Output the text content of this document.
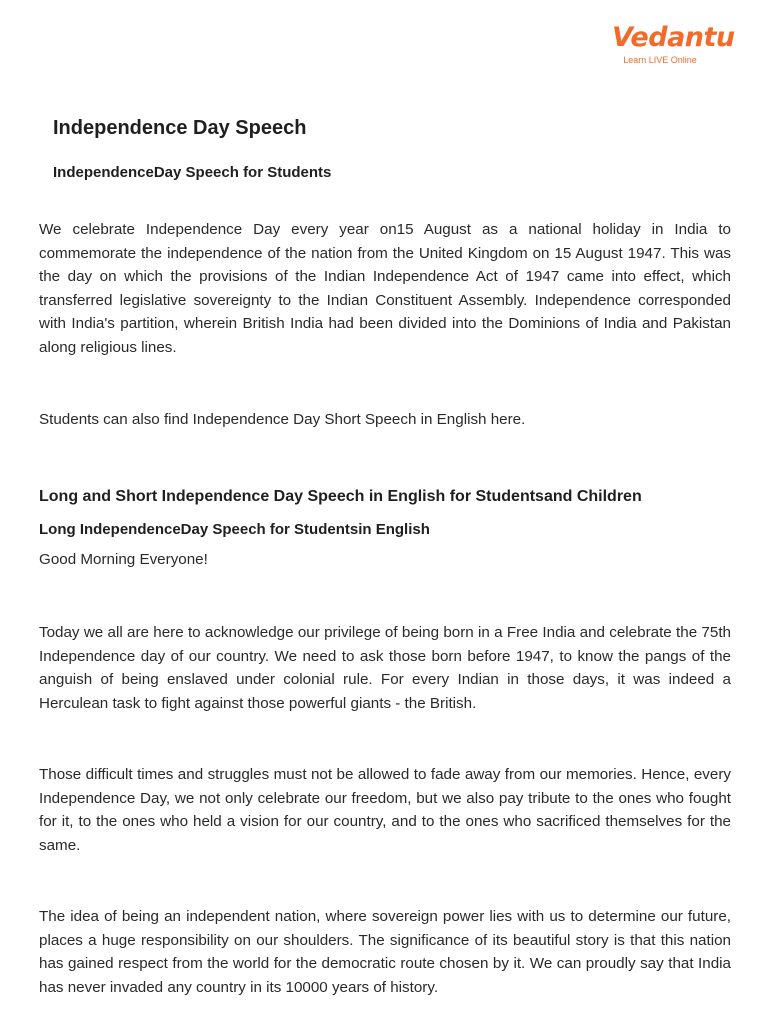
Vedantu
Learn LIVE Online
Independence Day Speech
IndependenceDay Speech for Students

We celebrate Independence Day every year on15 August as a national holiday in India to commemorate the independence of the nation from the United Kingdom on 15 August 1947. This was the day on which the provisions of the Indian Independence Act of 1947 came into effect, which transferred legislative sovereignty to the Indian Constituent Assembly. Independence corresponded with India's partition, wherein British India had been divided into the Dominions of India and Pakistan along religious lines.

Students can also find Independence Day Short Speech in English here.

Long and Short Independence Day Speech in English for Studentsand Children
Long IndependenceDay Speech for Studentsin English

Good Morning Everyone!

Today we all are here to acknowledge our privilege of being born in a Free India and celebrate the 75th Independence day of our country. We need to ask those born before 1947, to know the pangs of the anguish of being enslaved under colonial rule. For every Indian in those days, it was indeed a Herculean task to fight against those powerful giants - the British.

Those difficult times and struggles must not be allowed to fade away from our memories. Hence, every Independence Day, we not only celebrate our freedom, but we also pay tribute to the ones who fought for it, to the ones who held a vision for our country, and to the ones who sacrificed themselves for the same.

The idea of being an independent nation, where sovereign power lies with us to determine our future, places a huge responsibility on our shoulders. The significance of its beautiful story is that this nation has gained respect from the world for the democratic route chosen by it. We can proudly say that India has never invaded any country in its 10000 years of history.
